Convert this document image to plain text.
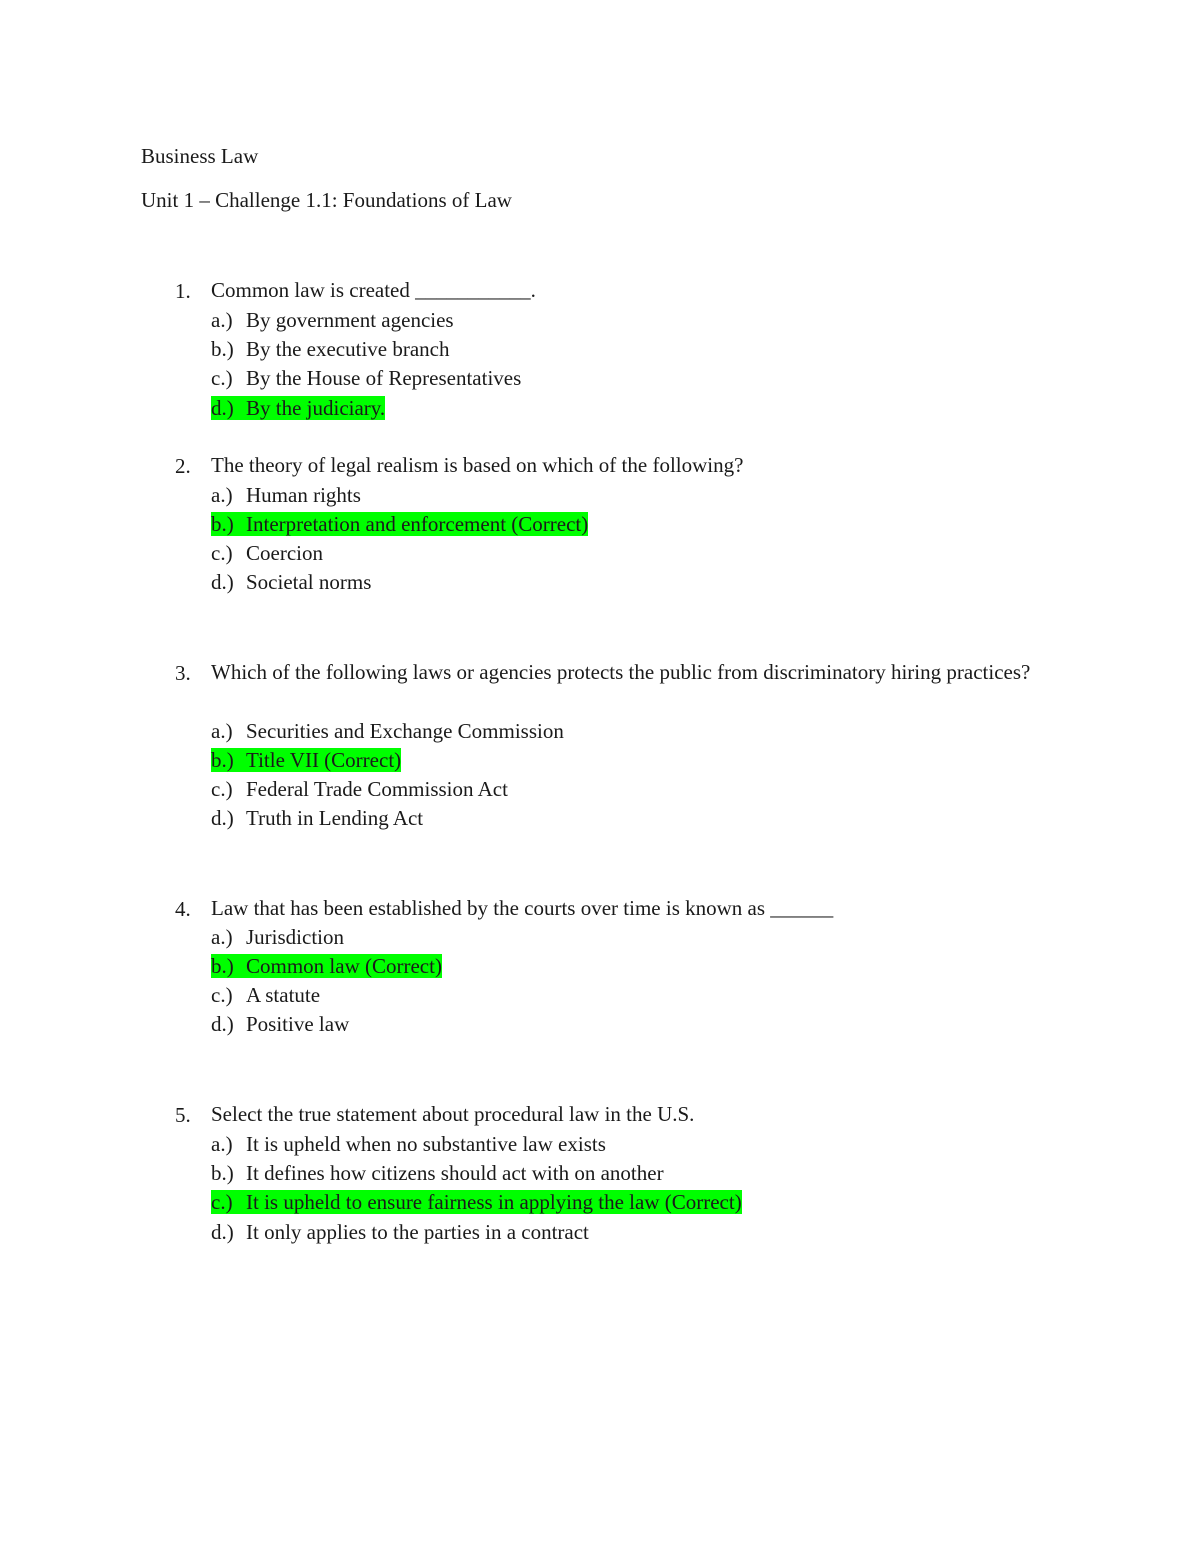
Business Law
Unit 1 – Challenge 1.1: Foundations of Law
1. Common law is created ___________.
a.) By government agencies
b.) By the executive branch
c.) By the House of Representatives
d.) By the judiciary.
2. The theory of legal realism is based on which of the following?
a.) Human rights
b.) Interpretation and enforcement (Correct)
c.) Coercion
d.) Societal norms
3. Which of the following laws or agencies protects the public from discriminatory hiring practices?
a.) Securities and Exchange Commission
b.) Title VII (Correct)
c.) Federal Trade Commission Act
d.) Truth in Lending Act
4. Law that has been established by the courts over time is known as ______
a.) Jurisdiction
b.) Common law (Correct)
c.) A statute
d.) Positive law
5. Select the true statement about procedural law in the U.S.
a.) It is upheld when no substantive law exists
b.) It defines how citizens should act with on another
c.) It is upheld to ensure fairness in applying the law (Correct)
d.) It only applies to the parties in a contract
